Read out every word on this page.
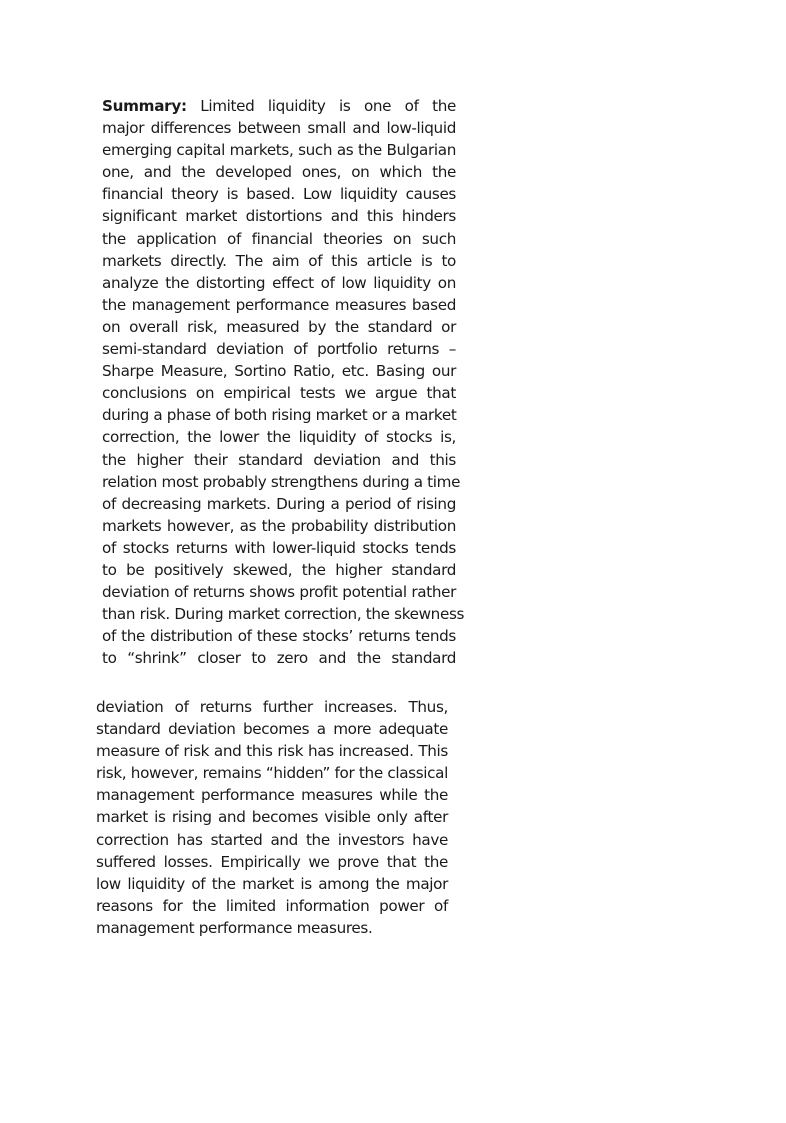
Summary: Limited liquidity is one of the
major differences between small and low-liquid
emerging capital markets, such as the Bulgarian
one, and the developed ones, on which the
financial theory is based. Low liquidity causes
significant market distortions and this hinders
the application of financial theories on such
markets directly. The aim of this article is to
analyze the distorting effect of low liquidity on
the management performance measures based
on overall risk, measured by the standard or
semi-standard deviation of portfolio returns –
Sharpe Measure, Sortino Ratio, etc. Basing our
conclusions on empirical tests we argue that
during a phase of both rising market or a market
correction, the lower the liquidity of stocks is,
the higher their standard deviation and this
relation most probably strengthens during a time
of decreasing markets. During a period of rising
markets however, as the probability distribution
of stocks returns with lower-liquid stocks tends
to be positively skewed, the higher standard
deviation of returns shows profit potential rather
than risk. During market correction, the skewness
of the distribution of these stocks’ returns tends
to “shrink” closer to zero and the standard
deviation of returns further increases. Thus,
standard deviation becomes a more adequate
measure of risk and this risk has increased. This
risk, however, remains “hidden” for the classical
management performance measures while the
market is rising and becomes visible only after
correction has started and the investors have
suffered losses. Empirically we prove that the
low liquidity of the market is among the major
reasons for the limited information power of
management performance measures.
